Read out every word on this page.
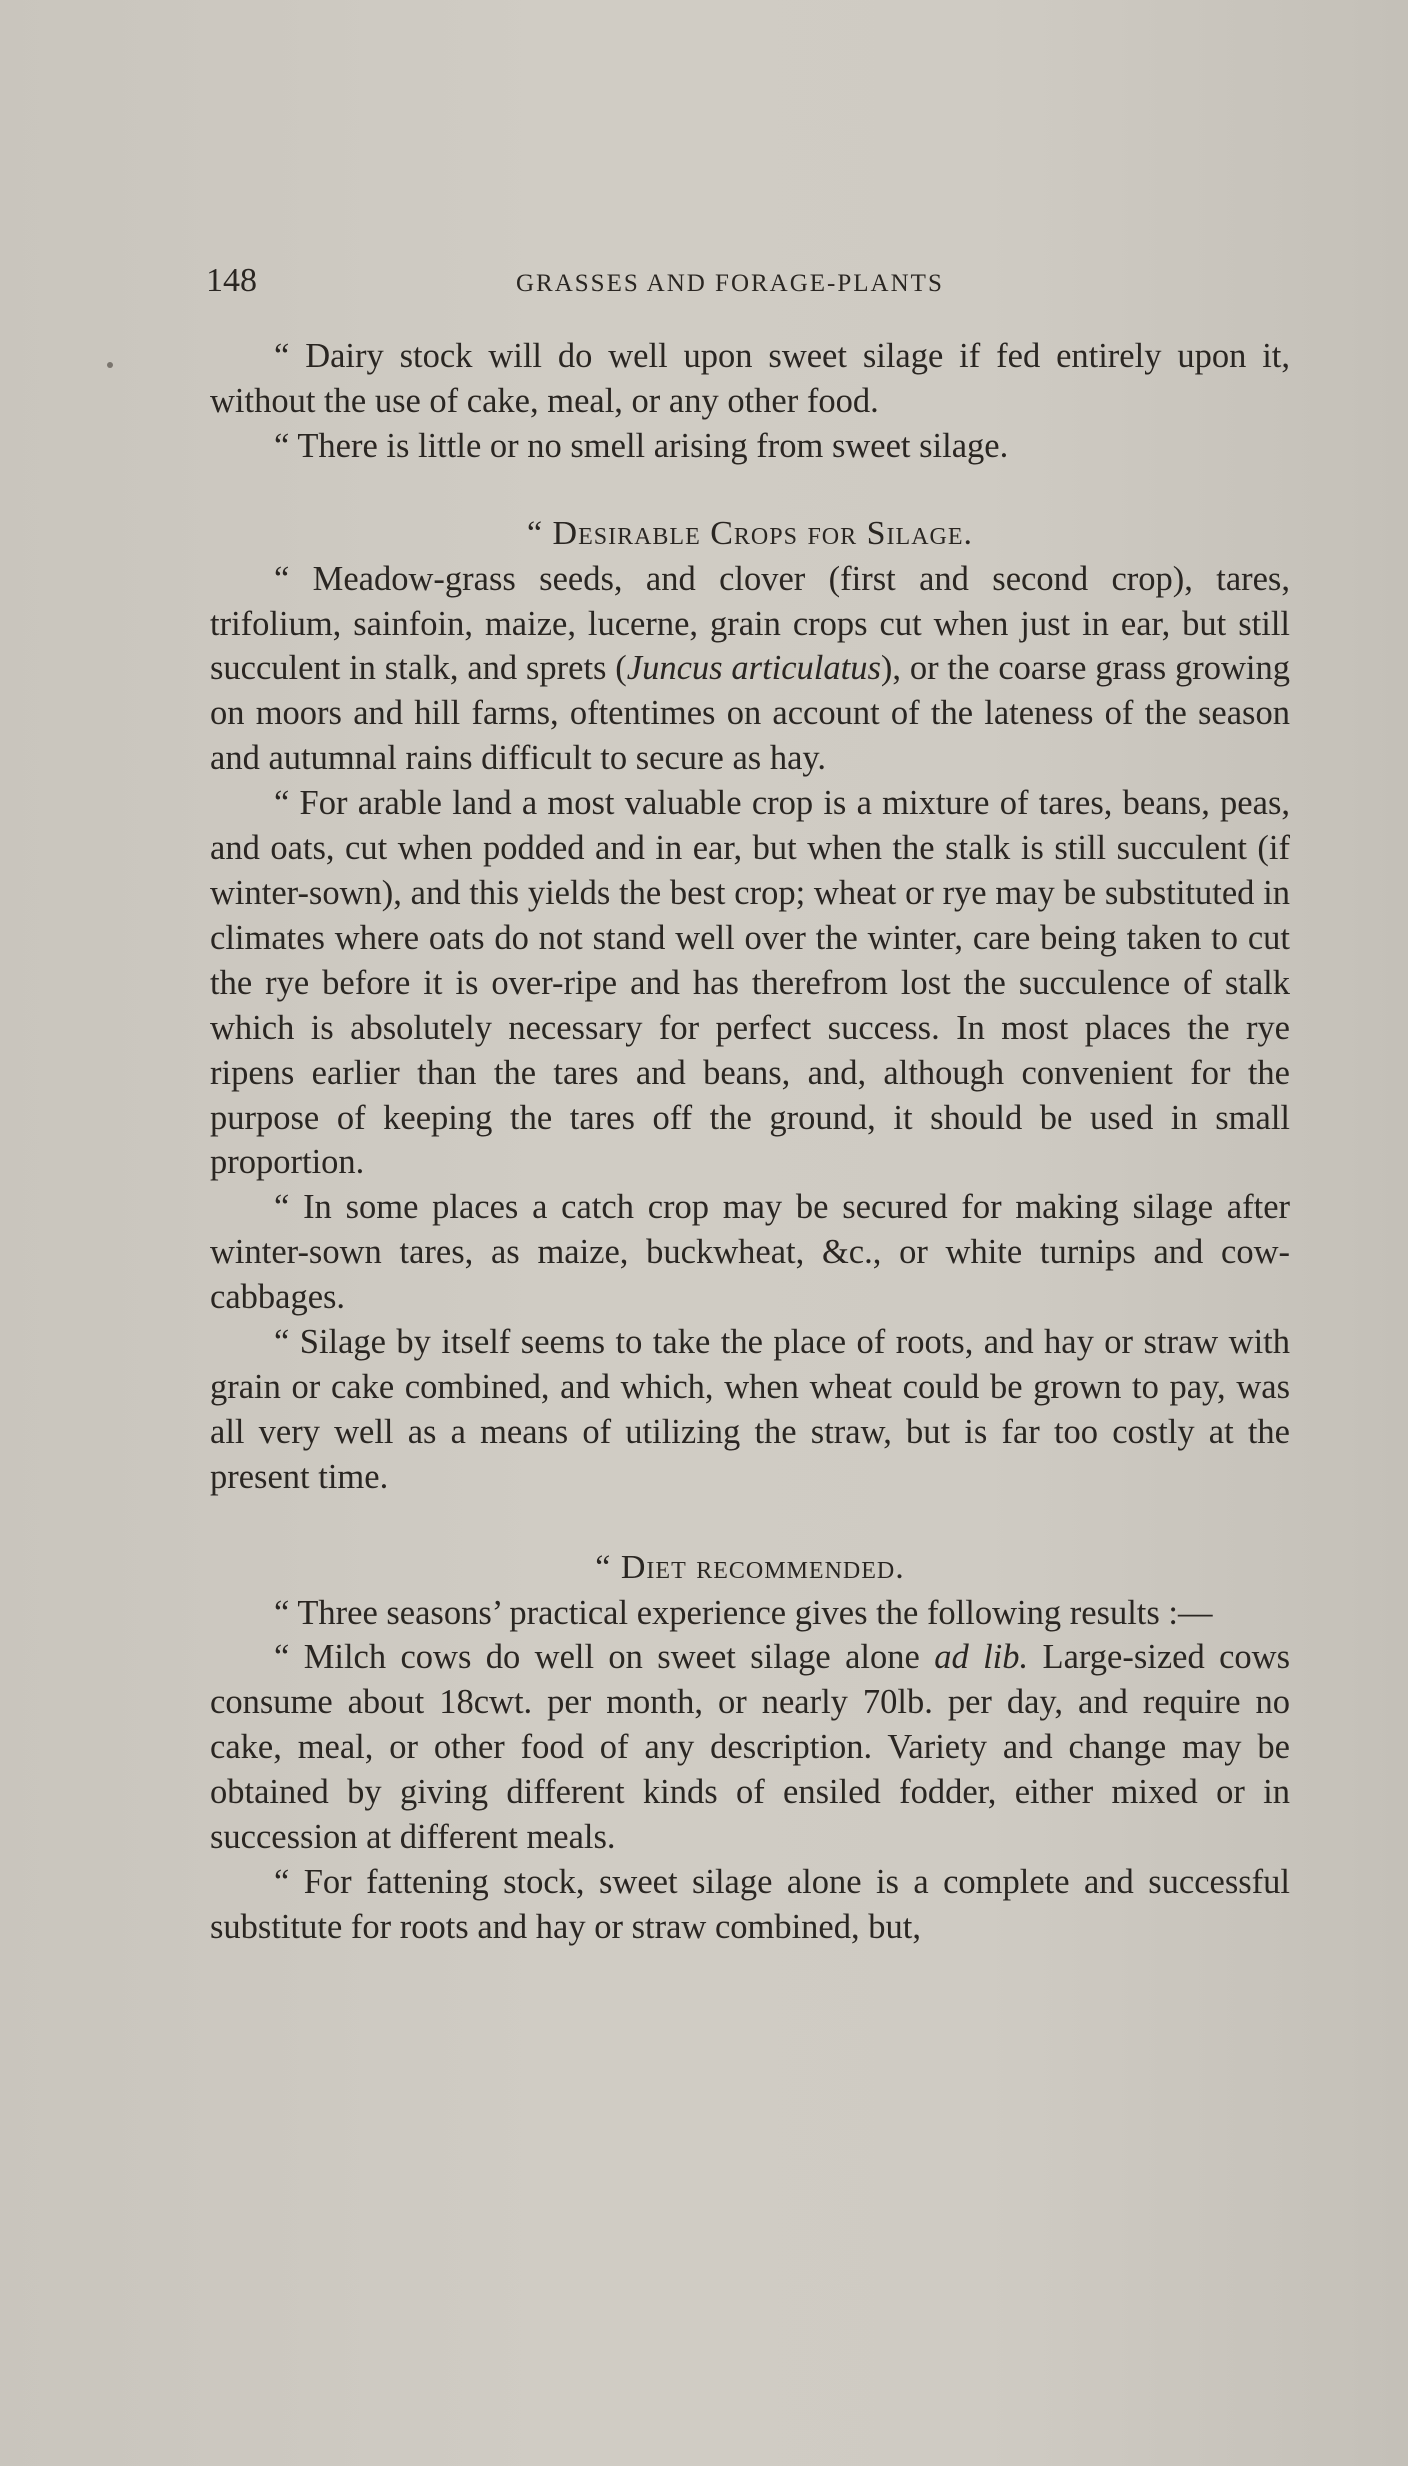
148	GRASSES AND FORAGE-PLANTS

“ Dairy stock will do well upon sweet silage if fed entirely upon it, without the use of cake, meal, or any other food.

“ There is little or no smell arising from sweet silage.

“ Desirable Crops for Silage.

“ Meadow-grass seeds, and clover (first and second crop), tares, trifolium, sainfoin, maize, lucerne, grain crops cut when just in ear, but still succulent in stalk, and sprets (Juncus articulatus), or the coarse grass growing on moors and hill farms, oftentimes on account of the lateness of the season and autumnal rains difficult to secure as hay.

“ For arable land a most valuable crop is a mixture of tares, beans, peas, and oats, cut when podded and in ear, but when the stalk is still succulent (if winter-sown), and this yields the best crop; wheat or rye may be substituted in climates where oats do not stand well over the winter, care being taken to cut the rye before it is over-ripe and has therefrom lost the succulence of stalk which is absolutely necessary for perfect success. In most places the rye ripens earlier than the tares and beans, and, although convenient for the purpose of keeping the tares off the ground, it should be used in small proportion.

“ In some places a catch crop may be secured for making silage after winter-sown tares, as maize, buckwheat, &c., or white turnips and cow-cabbages.

“ Silage by itself seems to take the place of roots, and hay or straw with grain or cake combined, and which, when wheat could be grown to pay, was all very well as a means of utilizing the straw, but is far too costly at the present time.

“ Diet recommended.

“ Three seasons’ practical experience gives the following results :—

“ Milch cows do well on sweet silage alone ad lib. Large-sized cows consume about 18cwt. per month, or nearly 70lb. per day, and require no cake, meal, or other food of any description. Variety and change may be obtained by giving different kinds of ensiled fodder, either mixed or in succession at different meals.

“ For fattening stock, sweet silage alone is a complete and successful substitute for roots and hay or straw combined, but,
